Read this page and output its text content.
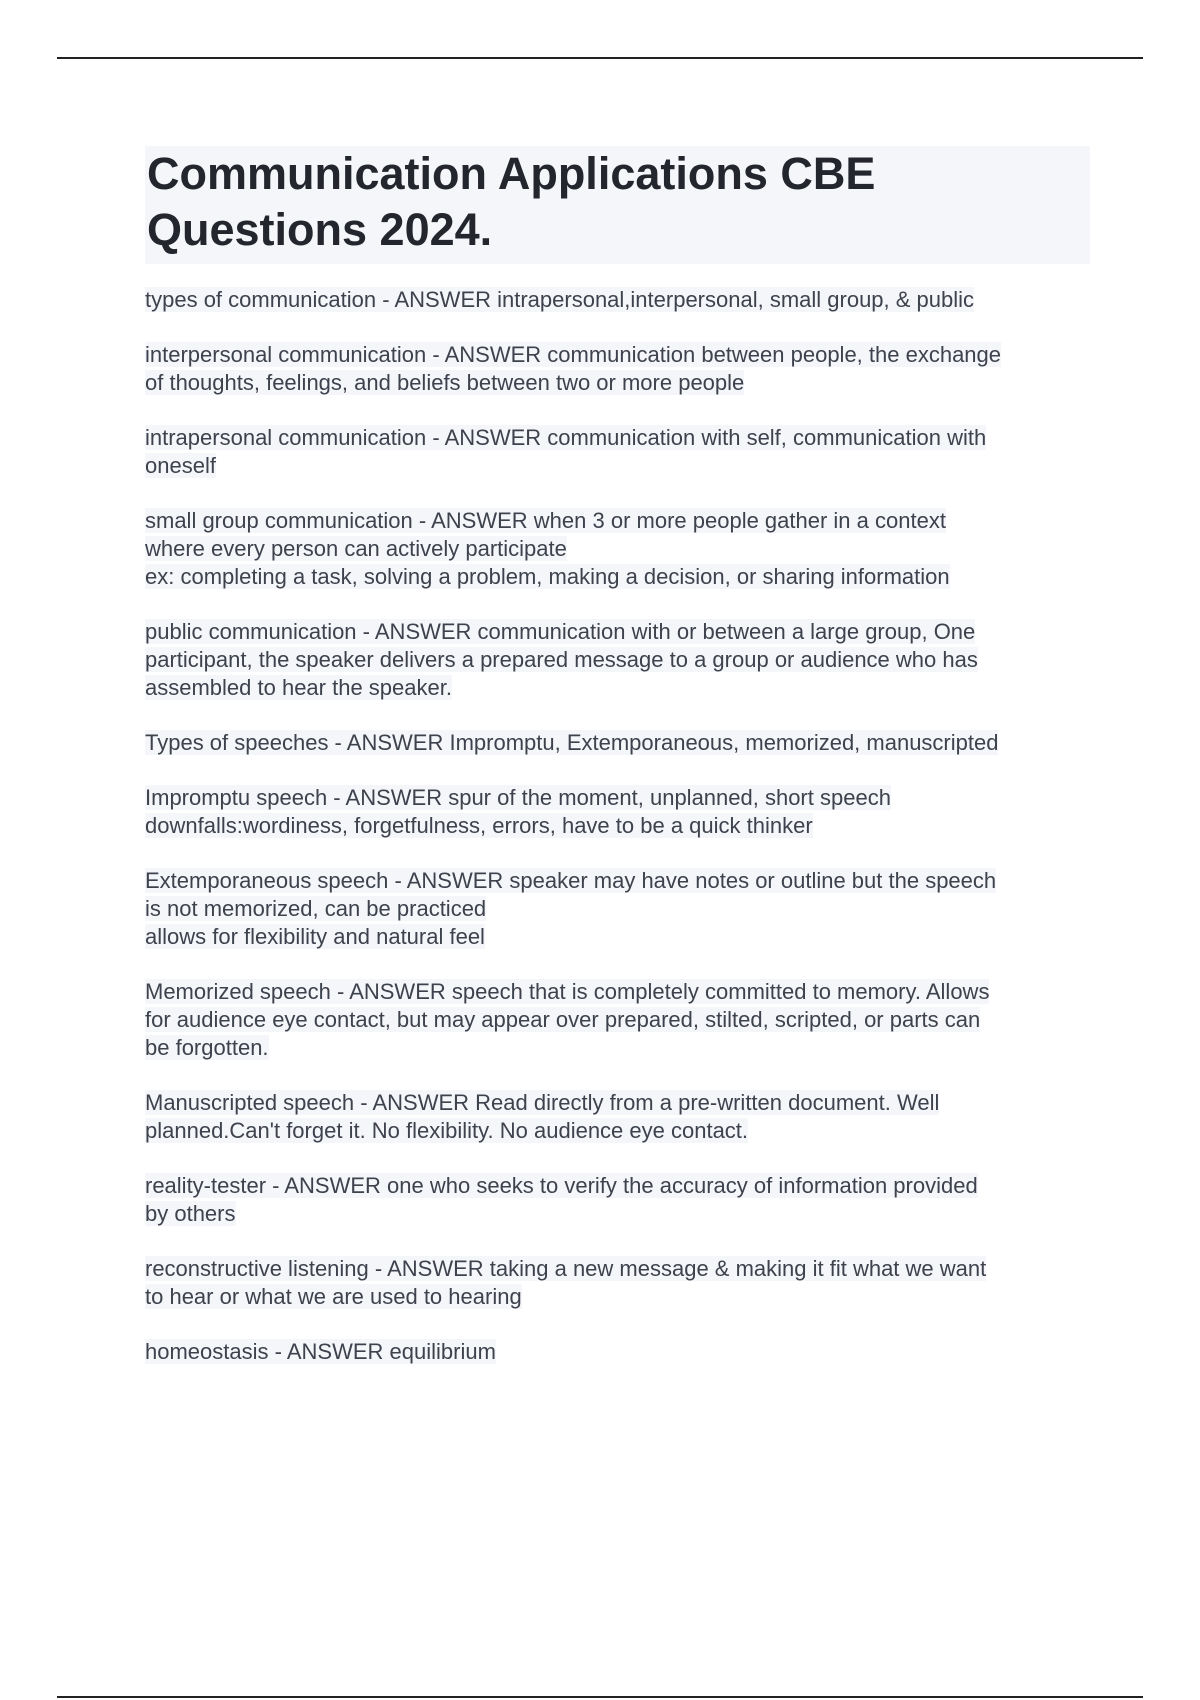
Communication Applications CBE
Questions 2024.
types of communication - ANSWER intrapersonal,interpersonal, small group, & public
interpersonal communication - ANSWER communication between people, the exchange
of thoughts, feelings, and beliefs between two or more people
intrapersonal communication - ANSWER communication with self, communication with
oneself
small group communication - ANSWER when 3 or more people gather in a context
where every person can actively participate
ex: completing a task, solving a problem, making a decision, or sharing information
public communication - ANSWER communication with or between a large group, One
participant, the speaker delivers a prepared message to a group or audience who has
assembled to hear the speaker.
Types of speeches - ANSWER Impromptu, Extemporaneous, memorized, manuscripted
Impromptu speech - ANSWER spur of the moment, unplanned, short speech
downfalls:wordiness, forgetfulness, errors, have to be a quick thinker
Extemporaneous speech - ANSWER speaker may have notes or outline but the speech
is not memorized, can be practiced
allows for flexibility and natural feel
Memorized speech - ANSWER speech that is completely committed to memory. Allows
for audience eye contact, but may appear over prepared, stilted, scripted, or parts can
be forgotten.
Manuscripted speech - ANSWER Read directly from a pre-written document. Well
planned.Can't forget it. No flexibility. No audience eye contact.
reality-tester - ANSWER one who seeks to verify the accuracy of information provided
by others
reconstructive listening - ANSWER taking a new message & making it fit what we want
to hear or what we are used to hearing
homeostasis - ANSWER equilibrium
